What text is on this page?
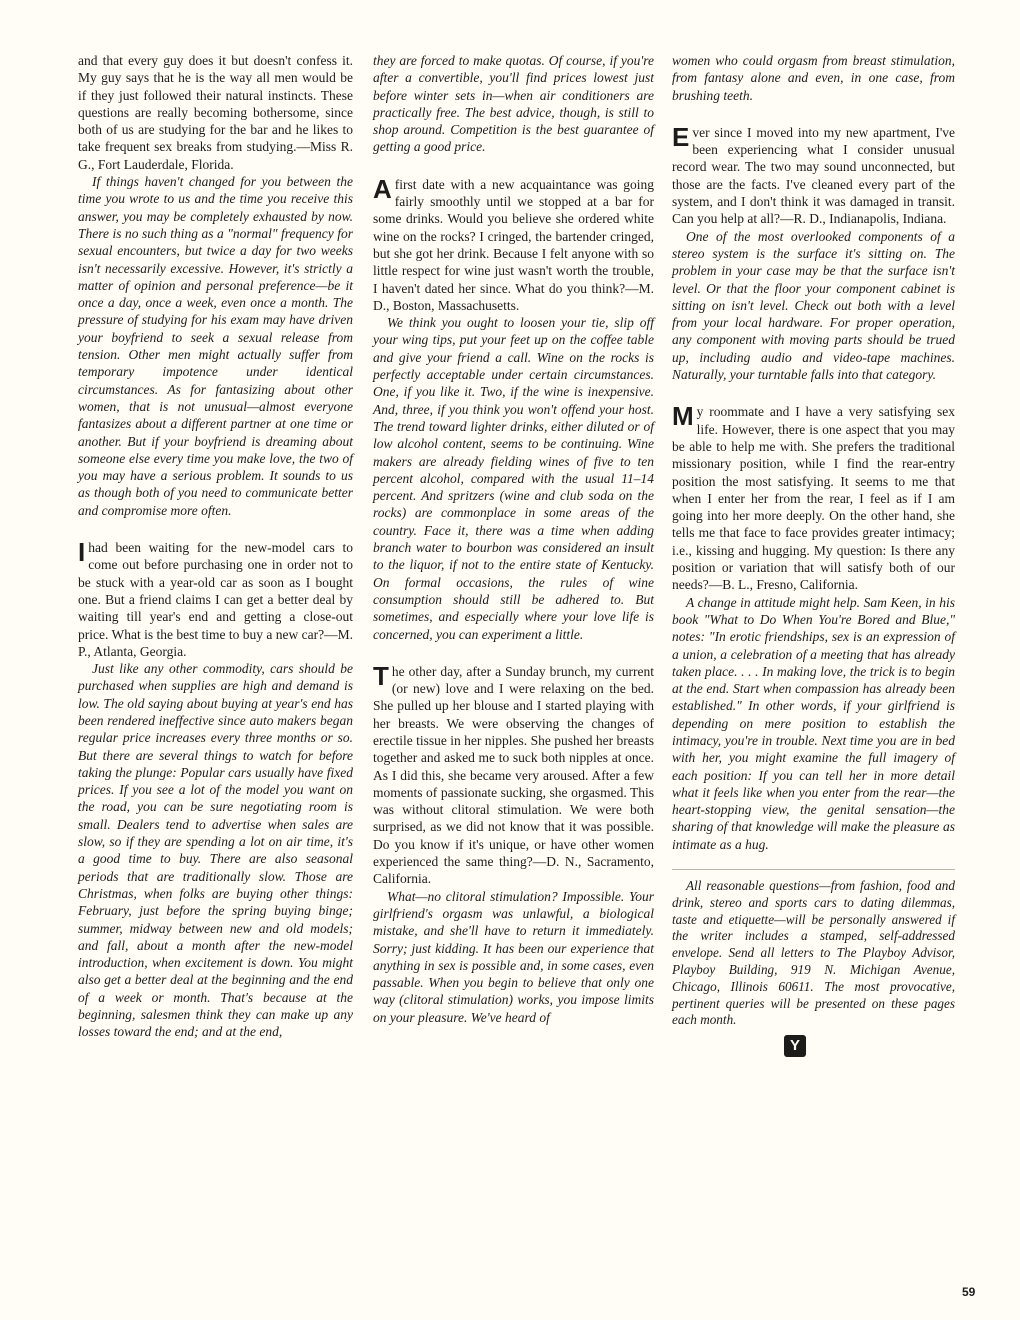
and that every guy does it but doesn't confess it. My guy says that he is the way all men would be if they just followed their natural instincts. These questions are really becoming bothersome, since both of us are studying for the bar and he likes to take frequent sex breaks from studying.—Miss R. G., Fort Lauderdale, Florida.

If things haven't changed for you between the time you wrote to us and the time you receive this answer, you may be completely exhausted by now. There is no such thing as a "normal" frequency for sexual encounters, but twice a day for two weeks isn't necessarily excessive. However, it's strictly a matter of opinion and personal preference—be it once a day, once a week, even once a month. The pressure of studying for his exam may have driven your boyfriend to seek a sexual release from tension. Other men might actually suffer from temporary impotence under identical circumstances. As for fantasizing about other women, that is not unusual—almost everyone fantasizes about a different partner at one time or another. But if your boyfriend is dreaming about someone else every time you make love, the two of you may have a serious problem. It sounds to us as though both of you need to communicate better and compromise more often.

I had been waiting for the new-model cars to come out before purchasing one in order not to be stuck with a year-old car as soon as I bought one. But a friend claims I can get a better deal by waiting till year's end and getting a close-out price. What is the best time to buy a new car?—M. P., Atlanta, Georgia.

Just like any other commodity, cars should be purchased when supplies are high and demand is low. The old saying about buying at year's end has been rendered ineffective since auto makers began regular price increases every three months or so. But there are several things to watch for before taking the plunge: Popular cars usually have fixed prices. If you see a lot of the model you want on the road, you can be sure negotiating room is small. Dealers tend to advertise when sales are slow, so if they are spending a lot on air time, it's a good time to buy. There are also seasonal periods that are traditionally slow. Those are Christmas, when folks are buying other things: February, just before the spring buying binge; summer, midway between new and old models; and fall, about a month after the new-model introduction, when excitement is down. You might also get a better deal at the beginning and the end of a week or month. That's because at the beginning, salesmen think they can make up any losses toward the end; and at the end,

they are forced to make quotas. Of course, if you're after a convertible, you'll find prices lowest just before winter sets in—when air conditioners are practically free. The best advice, though, is still to shop around. Competition is the best guarantee of getting a good price.

A first date with a new acquaintance was going fairly smoothly until we stopped at a bar for some drinks. Would you believe she ordered white wine on the rocks? I cringed, the bartender cringed, but she got her drink. Because I felt anyone with so little respect for wine just wasn't worth the trouble, I haven't dated her since. What do you think?—M. D., Boston, Massachusetts.

We think you ought to loosen your tie, slip off your wing tips, put your feet up on the coffee table and give your friend a call. Wine on the rocks is perfectly acceptable under certain circumstances. One, if you like it. Two, if the wine is inexpensive. And, three, if you think you won't offend your host. The trend toward lighter drinks, either diluted or of low alcohol content, seems to be continuing. Wine makers are already fielding wines of five to ten percent alcohol, compared with the usual 11–14 percent. And spritzers (wine and club soda on the rocks) are commonplace in some areas of the country. Face it, there was a time when adding branch water to bourbon was considered an insult to the liquor, if not to the entire state of Kentucky. On formal occasions, the rules of wine consumption should still be adhered to. But sometimes, and especially where your love life is concerned, you can experiment a little.

The other day, after a Sunday brunch, my current (or new) love and I were relaxing on the bed. She pulled up her blouse and I started playing with her breasts. We were observing the changes of erectile tissue in her nipples. She pushed her breasts together and asked me to suck both nipples at once. As I did this, she became very aroused. After a few moments of passionate sucking, she orgasmed. This was without clitoral stimulation. We were both surprised, as we did not know that it was possible. Do you know if it's unique, or have other women experienced the same thing?—D. N., Sacramento, California.

What—no clitoral stimulation? Impossible. Your girlfriend's orgasm was unlawful, a biological mistake, and she'll have to return it immediately. Sorry; just kidding. It has been our experience that anything in sex is possible and, in some cases, even passable. When you begin to believe that only one way (clitoral stimulation) works, you impose limits on your pleasure. We've heard of

women who could orgasm from breast stimulation, from fantasy alone and even, in one case, from brushing teeth.

Ever since I moved into my new apartment, I've been experiencing what I consider unusual record wear. The two may sound unconnected, but those are the facts. I've cleaned every part of the system, and I don't think it was damaged in transit. Can you help at all?—R. D., Indianapolis, Indiana.

One of the most overlooked components of a stereo system is the surface it's sitting on. The problem in your case may be that the surface isn't level. Or that the floor your component cabinet is sitting on isn't level. Check out both with a level from your local hardware. For proper operation, any component with moving parts should be trued up, including audio and video-tape machines. Naturally, your turntable falls into that category.

My roommate and I have a very satisfying sex life. However, there is one aspect that you may be able to help me with. She prefers the traditional missionary position, while I find the rear-entry position the most satisfying. It seems to me that when I enter her from the rear, I feel as if I am going into her more deeply. On the other hand, she tells me that face to face provides greater intimacy; i.e., kissing and hugging. My question: Is there any position or variation that will satisfy both of our needs?—B. L., Fresno, California.

A change in attitude might help. Sam Keen, in his book "What to Do When You're Bored and Blue," notes: "In erotic friendships, sex is an expression of a union, a celebration of a meeting that has already taken place. . . . In making love, the trick is to begin at the end. Start when compassion has already been established." In other words, if your girlfriend is depending on mere position to establish the intimacy, you're in trouble. Next time you are in bed with her, you might examine the full imagery of each position: If you can tell her in more detail what it feels like when you enter from the rear—the heart-stopping view, the genital sensation—the sharing of that knowledge will make the pleasure as intimate as a hug.

All reasonable questions—from fashion, food and drink, stereo and sports cars to dating dilemmas, taste and etiquette—will be personally answered if the writer includes a stamped, self-addressed envelope. Send all letters to The Playboy Advisor, Playboy Building, 919 N. Michigan Avenue, Chicago, Illinois 60611. The most provocative, pertinent queries will be presented on these pages each month.

Y
59
